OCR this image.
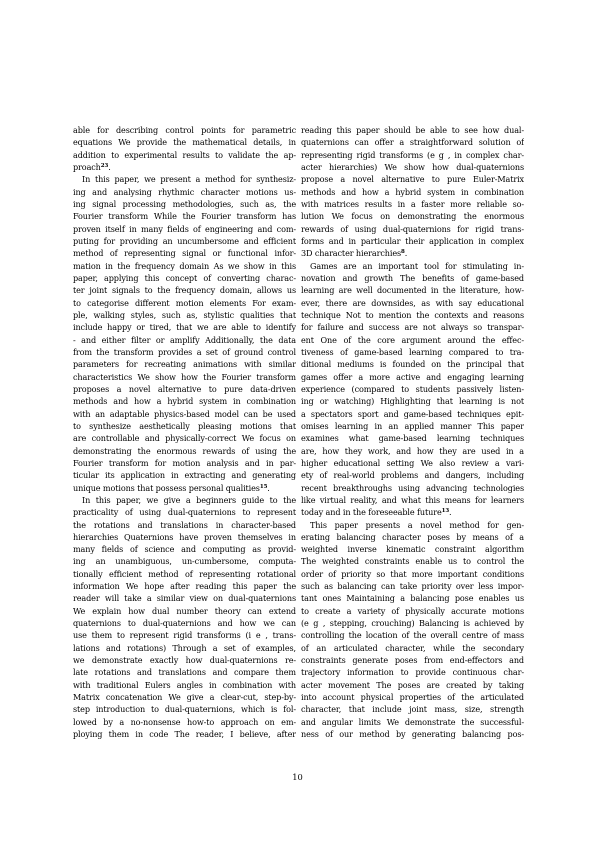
able for describing control points for parametric
equations We provide the mathematical details, in
addition to experimental results to validate the ap-
proach$^{23}$.
In this paper, we present a method for synthesiz-
ing and analysing rhythmic character motions us-
ing signal processing methodologies, such as, the
Fourier transform While the Fourier transform has
proven itself in many fields of engineering and com-
puting for providing an uncumbersome and efficient
method of representing signal or functional infor-
mation in the frequency domain As we show in this
paper, applying this concept of converting charac-
ter joint signals to the frequency domain, allows us
to categorise different motion elements For exam-
ple, walking styles, such as, stylistic qualities that
include happy or tired, that we are able to identify
- and either filter or amplify Additionally, the data
from the transform provides a set of ground control
parameters for recreating animations with similar
characteristics We show how the Fourier transform
proposes a novel alternative to pure data-driven
methods and how a hybrid system in combination
with an adaptable physics-based model can be used
to synthesize aesthetically pleasing motions that
are controllable and physically-correct We focus on
demonstrating the enormous rewards of using the
Fourier transform for motion analysis and in par-
ticular its application in extracting and generating
unique motions that possess personal qualities$^{15}$.
In this paper, we give a beginners guide to the
practicality of using dual-quaternions to represent
the rotations and translations in character-based
hierarchies Quaternions have proven themselves in
many fields of science and computing as provid-
ing an unambiguous, un-cumbersome, computa-
tionally efficient method of representing rotational
information We hope after reading this paper the
reader will take a similar view on dual-quaternions
We explain how dual number theory can extend
quaternions to dual-quaternions and how we can
use them to represent rigid transforms (i e , trans-
lations and rotations) Through a set of examples,
we demonstrate exactly how dual-quaternions re-
late rotations and translations and compare them
with traditional Eulers angles in combination with
Matrix concatenation We give a clear-cut, step-by-
step introduction to dual-quaternions, which is fol-
lowed by a no-nonsense how-to approach on em-
ploying them in code The reader, I believe, after
reading this paper should be able to see how dual-
quaternions can offer a straightforward solution of
representing rigid transforms (e g , in complex char-
acter hierarchies) We show how dual-quaternions
propose a novel alternative to pure Euler-Matrix
methods and how a hybrid system in combination
with matrices results in a faster more reliable so-
lution We focus on demonstrating the enormous
rewards of using dual-quaternions for rigid trans-
forms and in particular their application in complex
3D character hierarchies$^8$.
Games are an important tool for stimulating in-
novation and growth The benefits of game-based
learning are well documented in the literature, how-
ever, there are downsides, as with say educational
technique Not to mention the contexts and reasons
for failure and success are not always so transpar-
ent One of the core argument around the effec-
tiveness of game-based learning compared to tra-
ditional mediums is founded on the principal that
games offer a more active and engaging learning
experience (compared to students passively listen-
ing or watching) Highlighting that learning is not
a spectators sport and game-based techniques epit-
omises learning in an applied manner This paper
examines what game-based learning techniques
are, how they work, and how they are used in a
higher educational setting We also review a vari-
ety of real-world problems and dangers, including
recent breakthroughs using advancing technologies
like virtual reality, and what this means for learners
today and in the foreseeable future$^{13}$.
This paper presents a novel method for gen-
erating balancing character poses by means of a
weighted inverse kinematic constraint algorithm
The weighted constraints enable us to control the
order of priority so that more important conditions
such as balancing can take priority over less impor-
tant ones Maintaining a balancing pose enables us
to create a variety of physically accurate motions
(e g , stepping, crouching) Balancing is achieved by
controlling the location of the overall centre of mass
of an articulated character, while the secondary
constraints generate poses from end-effectors and
trajectory information to provide continuous char-
acter movement The poses are created by taking
into account physical properties of the articulated
character, that include joint mass, size, strength
and angular limits We demonstrate the successful-
ness of our method by generating balancing pos-
10
